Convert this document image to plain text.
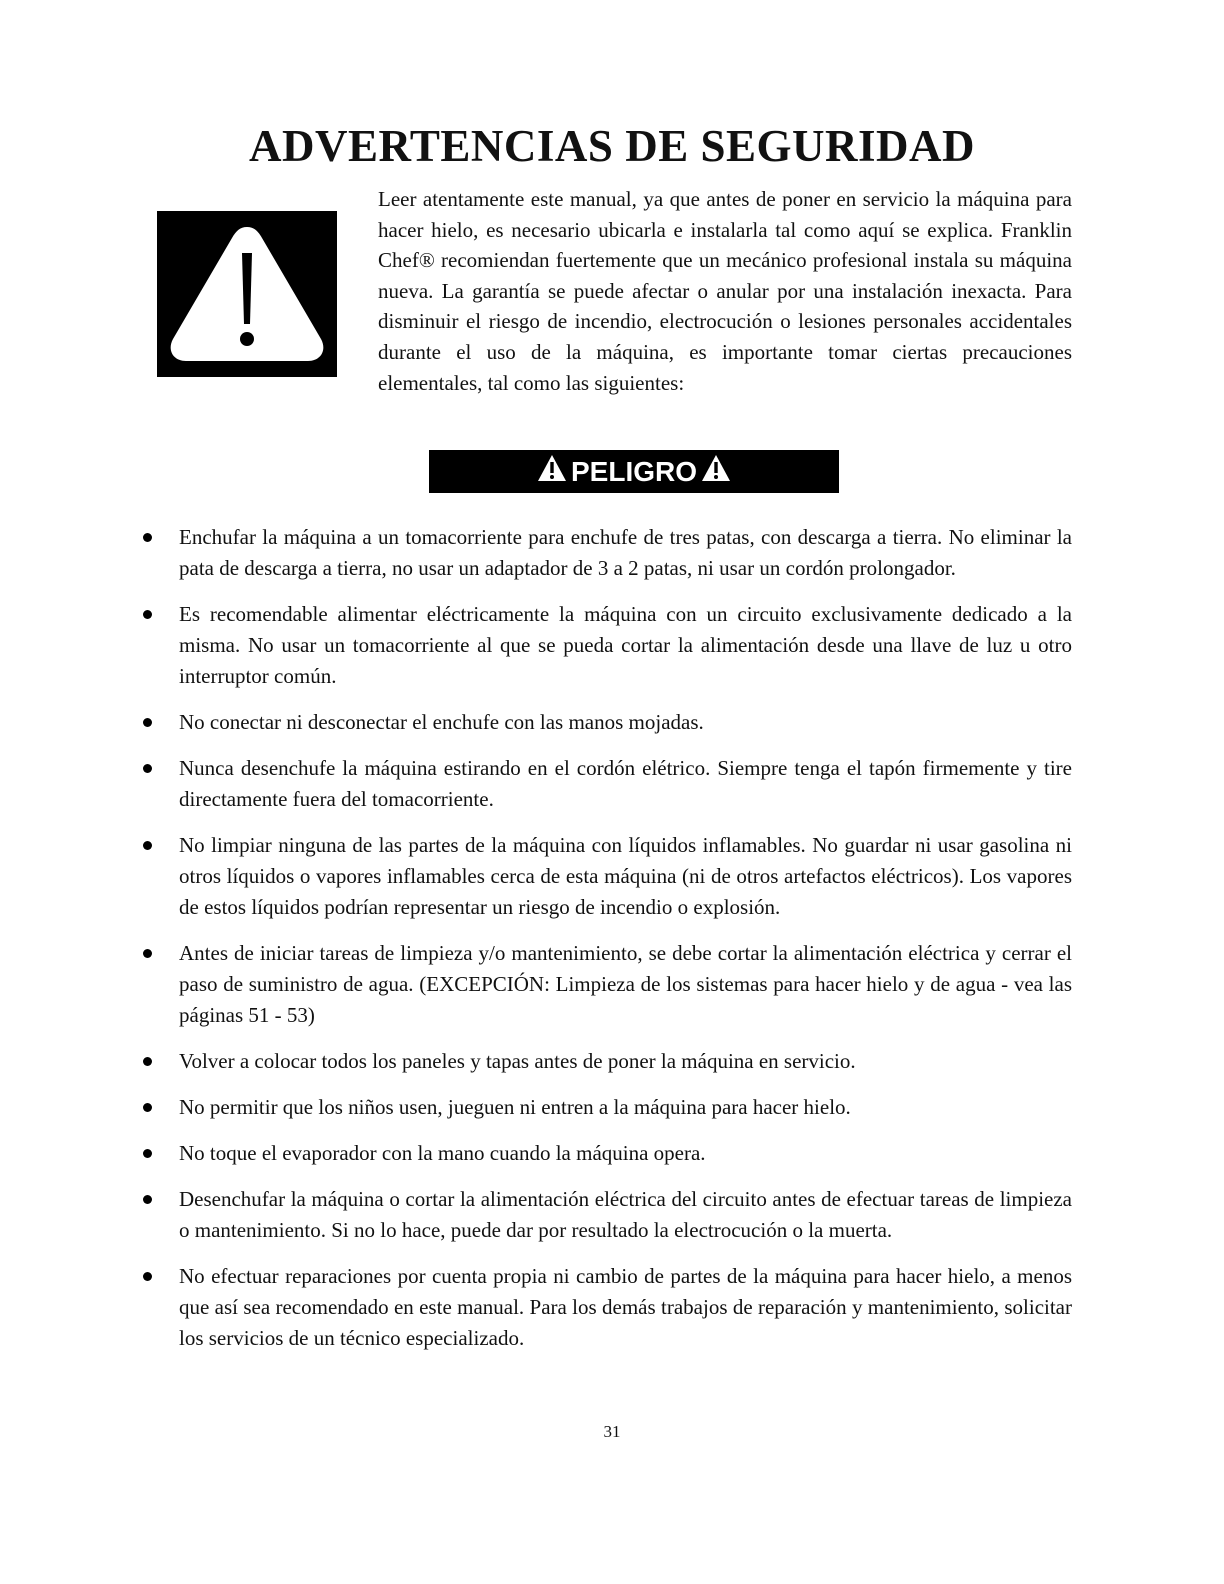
ADVERTENCIAS DE SEGURIDAD

Leer atentamente este manual, ya que antes de poner en servicio la máquina para hacer hielo, es necesario ubicarla e instalarla tal como aquí se explica. Franklin Chef® recomiendan fuertemente que un mecánico profesional instala su máquina nueva. La garantía se puede afectar o anular por una instalación inexacta. Para disminuir el riesgo de incendio, electrocución o lesiones personales accidentales durante el uso de la máquina, es importante tomar ciertas precauciones elementales, tal como las siguientes:

PELIGRO
Enchufar la máquina a un tomacorriente para enchufe de tres patas, con descarga a tierra. No eliminar la pata de descarga a tierra, no usar un adaptador de 3 a 2 patas, ni usar un cordón prolongador.
Es recomendable alimentar eléctricamente la máquina con un circuito exclusivamente dedicado a la misma. No usar un tomacorriente al que se pueda cortar la alimentación desde una llave de luz u otro interruptor común.
No conectar ni desconectar el enchufe con las manos mojadas.
Nunca desenchufe la máquina estirando en el cordón elétrico. Siempre tenga el tapón firmemente y tire directamente fuera del tomacorriente.
No limpiar ninguna de las partes de la máquina con líquidos inflamables. No guardar ni usar gasolina ni otros líquidos o vapores inflamables cerca de esta máquina (ni de otros artefactos eléctricos). Los vapores de estos líquidos podrían representar un riesgo de incendio o explosión.
Antes de iniciar tareas de limpieza y/o mantenimiento, se debe cortar la alimentación eléctrica y cerrar el paso de suministro de agua. (EXCEPCIÓN: Limpieza de los sistemas para hacer hielo y de agua - vea las páginas 51 - 53)
Volver a colocar todos los paneles y tapas antes de poner la máquina en servicio.
No permitir que los niños usen, jueguen ni entren a la máquina para hacer hielo.
No toque el evaporador con la mano cuando la máquina opera.
Desenchufar la máquina o cortar la alimentación eléctrica del circuito antes de efectuar tareas de limpieza o mantenimiento. Si no lo hace, puede dar por resultado la electrocución o la muerta.
No efectuar reparaciones por cuenta propia ni cambio de partes de la máquina para hacer hielo, a menos que así sea recomendado en este manual. Para los demás trabajos de reparación y mantenimiento, solicitar los servicios de un técnico especializado.
31
